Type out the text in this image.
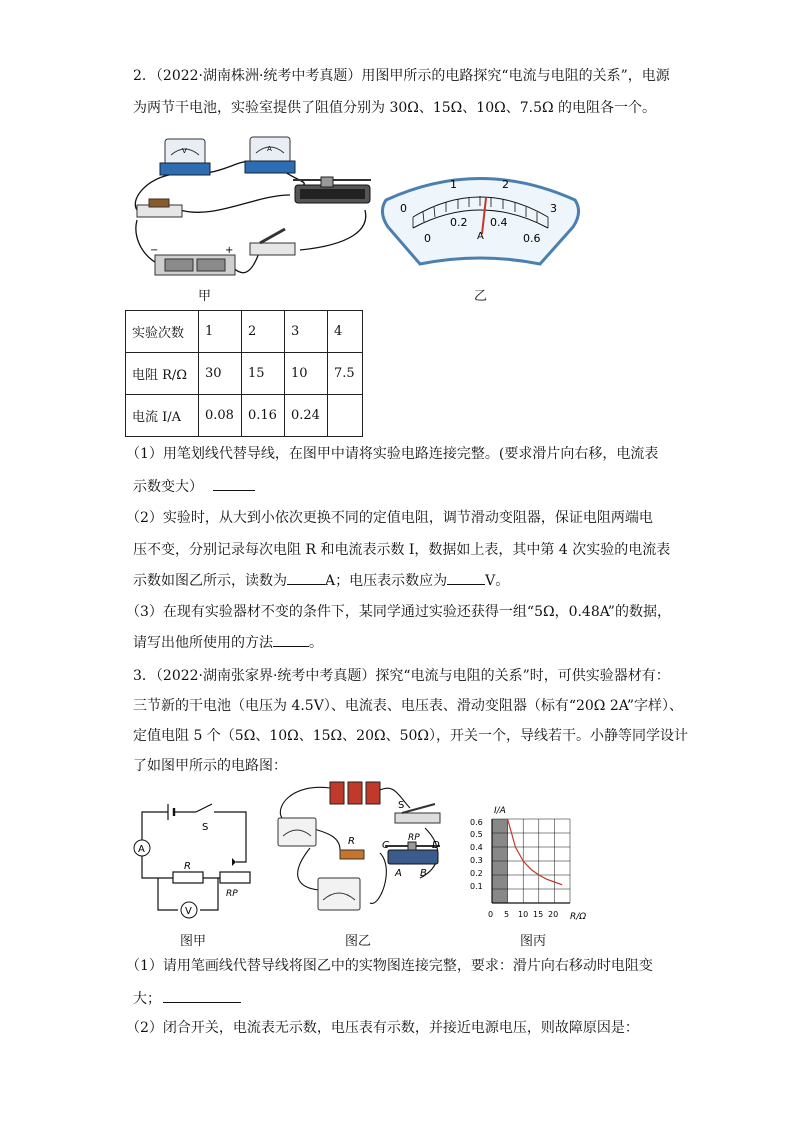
2．（2022·湖南株洲·统考中考真题）用图甲所示的电路探究“电流与电阻的关系”，电源
为两节干电池，实验室提供了阻值分别为 30Ω、15Ω、10Ω、7.5Ω 的电阻各一个。
V	A
−	+
0
1	2
3
0
0.2 0.4
0.6
A
甲	乙
实验次数	1	2	3	4
电阻 R/Ω	30	15	10	7.5
电流 I/A	0.08	0.16	0.24	
（1）用笔划线代替导线，在图甲中请将实验电路连接完整。(要求滑片向右移，电流表
示数变大）
（2）实验时，从大到小依次更换不同的定值电阻，调节滑动变阻器，保证电阻两端电
压不变，分别记录每次电阻 R 和电流表示数 I，数据如上表，其中第 4 次实验的电流表
示数如图乙所示，读数为	A；电压表示数应为	V。
（3）在现有实验器材不变的条件下，某同学通过实验还获得一组“5Ω，0.48A”的数据，
请写出他所使用的方法	。
3．（2022·湖南张家界·统考中考真题）探究“电流与电阻的关系”时，可供实验器材有：
三节新的干电池（电压为 4.5V）、电流表、电压表、滑动变阻器（标有“20Ω 2A”字样）、
定值电阻 5 个（5Ω、10Ω、15Ω、20Ω、50Ω），开关一个，导线若干。小静等同学设计
了如图甲所示的电路图：
A
V
S
R
RP
S
R	RP
C	D
A B
I/A
R/Ω
0.6
0.5
0.4
0.3
0.2
0.1
0 5 10 15 20
图甲	图乙	图丙
（1）请用笔画线代替导线将图乙中的实物图连接完整，要求：滑片向右移动时电阻变
大；
（2）闭合开关，电流表无示数，电压表有示数，并接近电源电压，则故障原因是：
